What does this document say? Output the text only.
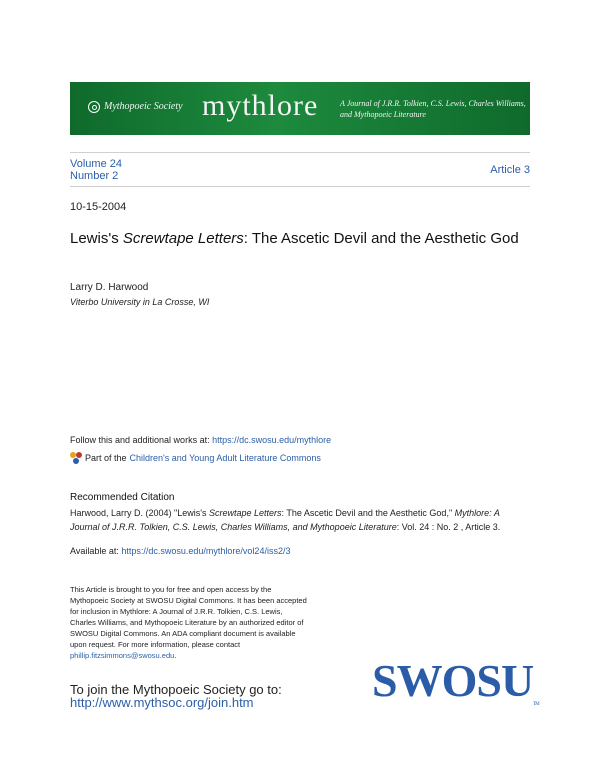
Mythopoeic Society mythlore	A Journal of J.R.R. Tolkien, C.S. Lewis, Charles Williams, and Mythopoeic Literature
Volume 24
Number 2	Article 3
10-15-2004
Lewis's Screwtape Letters: The Ascetic Devil and the Aesthetic God
Larry D. Harwood
Viterbo University in La Crosse, WI
Follow this and additional works at: https://dc.swosu.edu/mythlore
Part of the Children's and Young Adult Literature Commons
Recommended Citation
Harwood, Larry D. (2004) "Lewis's Screwtape Letters: The Ascetic Devil and the Aesthetic God," Mythlore: A Journal of J.R.R. Tolkien, C.S. Lewis, Charles Williams, and Mythopoeic Literature: Vol. 24 : No. 2 , Article 3.
Available at: https://dc.swosu.edu/mythlore/vol24/iss2/3
This Article is brought to you for free and open access by the Mythopoeic Society at SWOSU Digital Commons. It has been accepted for inclusion in Mythlore: A Journal of J.R.R. Tolkien, C.S. Lewis, Charles Williams, and Mythopoeic Literature by an authorized editor of SWOSU Digital Commons. An ADA compliant document is available upon request. For more information, please contact phillip.fitzsimmons@swosu.edu.
To join the Mythopoeic Society go to:
http://www.mythsoc.org/join.htm	SWOSUTM
